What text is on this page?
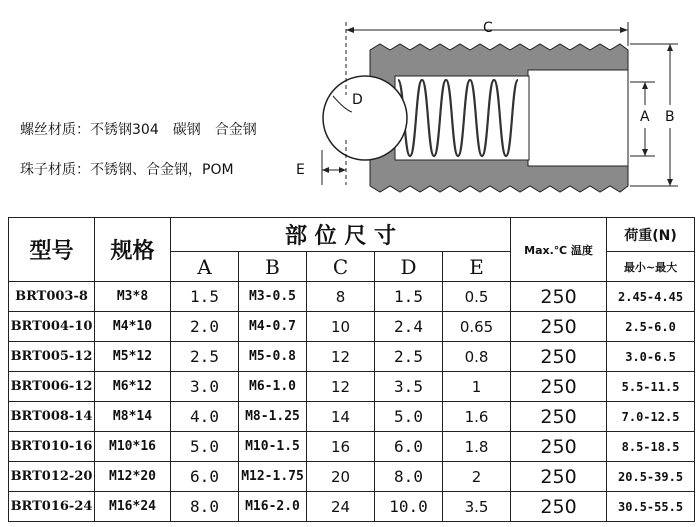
C
D
A B
E
螺丝材质：不锈钢304　碳钢　合金钢
珠子材质：不锈钢、合金钢，POM
型号	规格	部 位 尺 寸					Max.℃ 温度	荷重(N)
		A	B	C	D	E		最小~最大
BRT003-8	M3*8	1.5	M3-0.5	8	1.5	0.5	250	2.45-4.45
BRT004-10	M4*10	2.0	M4-0.7	10	2.4	0.65	250	2.5-6.0
BRT005-12	M5*12	2.5	M5-0.8	12	2.5	0.8	250	3.0-6.5
BRT006-12	M6*12	3.0	M6-1.0	12	3.5	1	250	5.5-11.5
BRT008-14	M8*14	4.0	M8-1.25	14	5.0	1.6	250	7.0-12.5
BRT010-16	M10*16	5.0	M10-1.5	16	6.0	1.8	250	8.5-18.5
BRT012-20	M12*20	6.0	M12-1.75	20	8.0	2	250	20.5-39.5
BRT016-24	M16*24	8.0	M16-2.0	24	10.0	3.5	250	30.5-55.5
